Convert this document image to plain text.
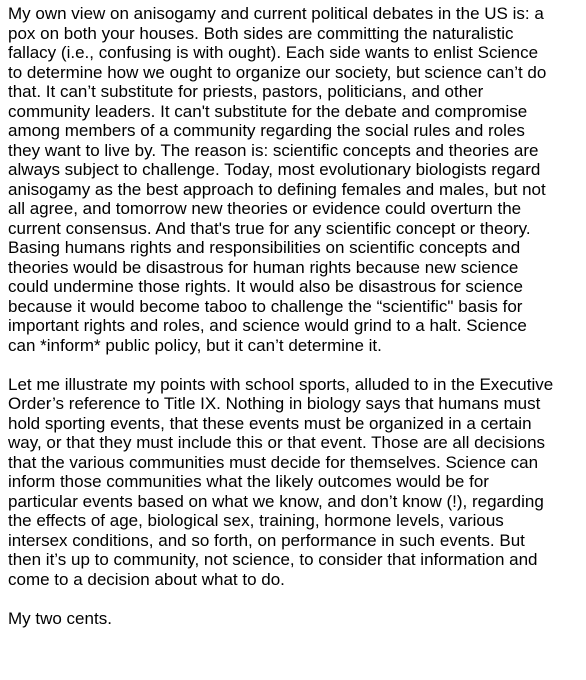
My own view on anisogamy and current political debates in the US is: a
pox on both your houses. Both sides are committing the naturalistic
fallacy (i.e., confusing is with ought). Each side wants to enlist Science
to determine how we ought to organize our society, but science can’t do
that. It can’t substitute for priests, pastors, politicians, and other
community leaders. It can't substitute for the debate and compromise
among members of a community regarding the social rules and roles
they want to live by. The reason is: scientific concepts and theories are
always subject to challenge. Today, most evolutionary biologists regard
anisogamy as the best approach to defining females and males, but not
all agree, and tomorrow new theories or evidence could overturn the
current consensus. And that's true for any scientific concept or theory.
Basing humans rights and responsibilities on scientific concepts and
theories would be disastrous for human rights because new science
could undermine those rights. It would also be disastrous for science
because it would become taboo to challenge the “scientific" basis for
important rights and roles, and science would grind to a halt. Science
can *inform* public policy, but it can’t determine it.
Let me illustrate my points with school sports, alluded to in the Executive
Order’s reference to Title IX. Nothing in biology says that humans must
hold sporting events, that these events must be organized in a certain
way, or that they must include this or that event. Those are all decisions
that the various communities must decide for themselves. Science can
inform those communities what the likely outcomes would be for
particular events based on what we know, and don’t know (!), regarding
the effects of age, biological sex, training, hormone levels, various
intersex conditions, and so forth, on performance in such events. But
then it’s up to community, not science, to consider that information and
come to a decision about what to do.
My two cents.
